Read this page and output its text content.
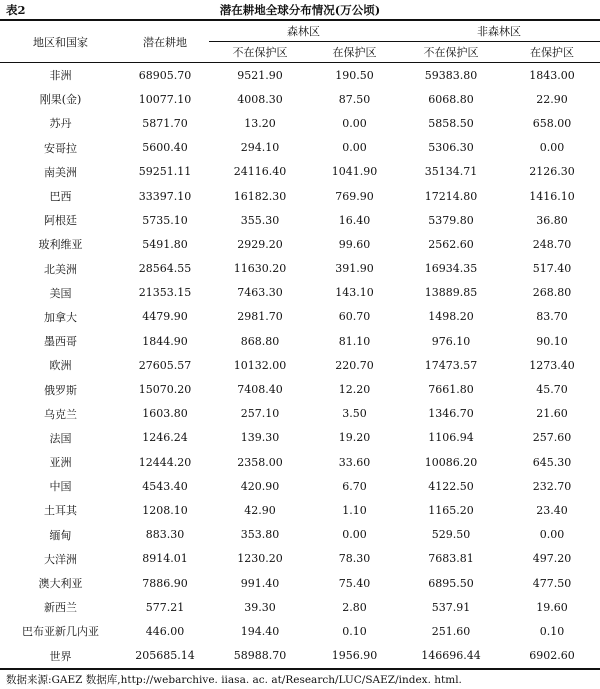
表2	潜在耕地全球分布情况(万公顷)
地区和国家	潜在耕地	森林区		非森林区	
		不在保护区	在保护区	不在保护区	在保护区
非洲	68905.70	9521.90	190.50	59383.80	1843.00
刚果(金)	10077.10	4008.30	87.50	6068.80	22.90
苏丹	5871.70	13.20	0.00	5858.50	658.00
安哥拉	5600.40	294.10	0.00	5306.30	0.00
南美洲	59251.11	24116.40	1041.90	35134.71	2126.30
巴西	33397.10	16182.30	769.90	17214.80	1416.10
阿根廷	5735.10	355.30	16.40	5379.80	36.80
玻利维亚	5491.80	2929.20	99.60	2562.60	248.70
北美洲	28564.55	11630.20	391.90	16934.35	517.40
美国	21353.15	7463.30	143.10	13889.85	268.80
加拿大	4479.90	2981.70	60.70	1498.20	83.70
墨西哥	1844.90	868.80	81.10	976.10	90.10
欧洲	27605.57	10132.00	220.70	17473.57	1273.40
俄罗斯	15070.20	7408.40	12.20	7661.80	45.70
乌克兰	1603.80	257.10	3.50	1346.70	21.60
法国	1246.24	139.30	19.20	1106.94	257.60
亚洲	12444.20	2358.00	33.60	10086.20	645.30
中国	4543.40	420.90	6.70	4122.50	232.70
土耳其	1208.10	42.90	1.10	1165.20	23.40
缅甸	883.30	353.80	0.00	529.50	0.00
大洋洲	8914.01	1230.20	78.30	7683.81	497.20
澳大利亚	7886.90	991.40	75.40	6895.50	477.50
新西兰	577.21	39.30	2.80	537.91	19.60
巴布亚新几内亚	446.00	194.40	0.10	251.60	0.10
世界	205685.14	58988.70	1956.90	146696.44	6902.60
数据来源:GAEZ 数据库,http://webarchive. iiasa. ac. at/Research/LUC/SAEZ/index. html.
